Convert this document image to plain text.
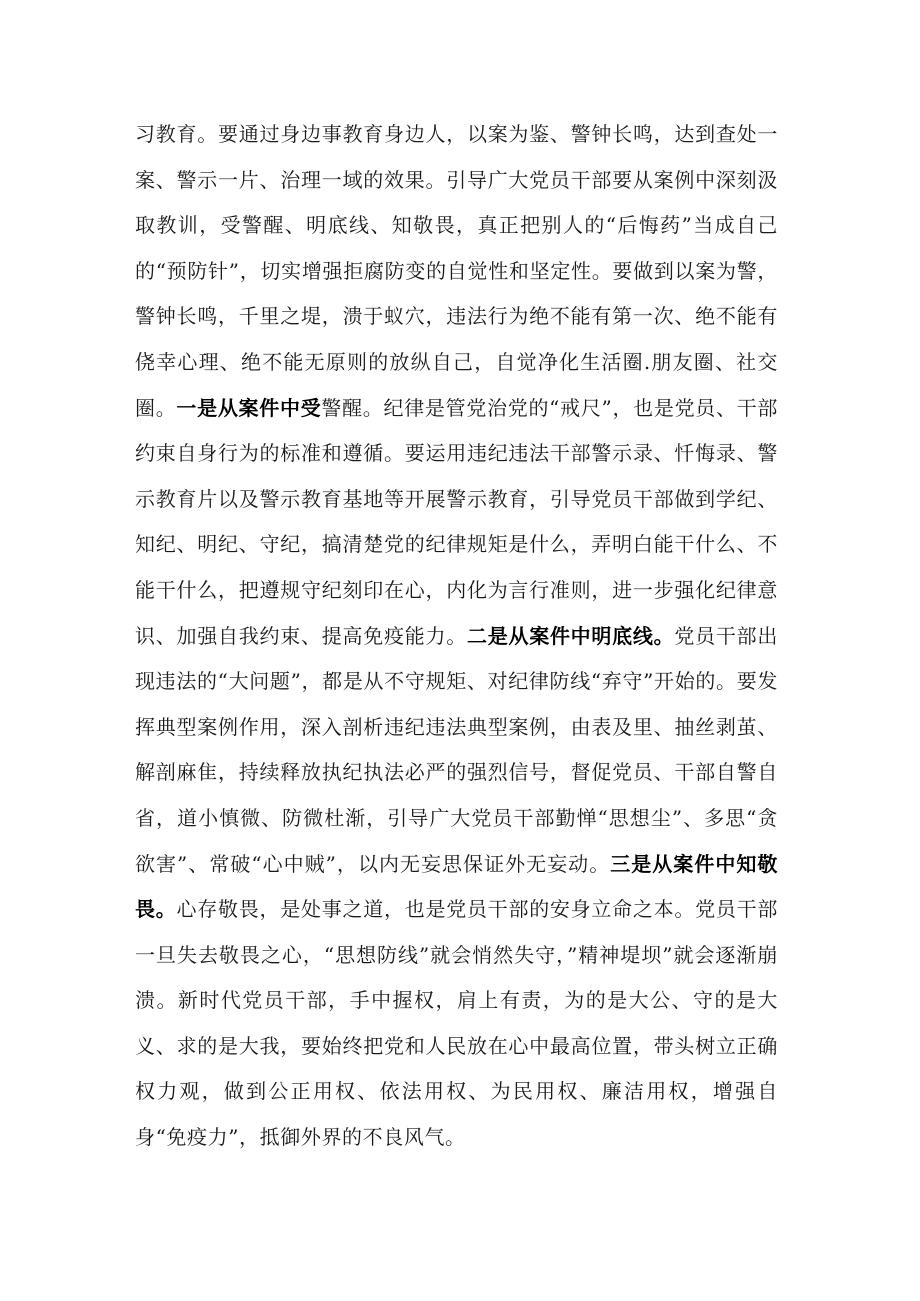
习教育。要通过身边事教育身边人，以案为鉴、警钟长鸣，达到查处一案、警示一片、治理一域的效果。引导广大党员干部要从案例中深刻汲取教训，受警醒、明底线、知敬畏，真正把别人的“后悔药”当成自己的“预防针”，切实增强拒腐防变的自觉性和坚定性。要做到以案为警，警钟长鸣，千里之堤，溃于蚁穴，违法行为绝不能有第一次、绝不能有侥幸心理、绝不能无原则的放纵自己，自觉净化生活圈.朋友圈、社交圈。一是从案件中受警醒。纪律是管党治党的“戒尺”，也是党员、干部约束自身行为的标准和遵循。要运用违纪违法干部警示录、忏悔录、警示教育片以及警示教育基地等开展警示教育，引导党员干部做到学纪、知纪、明纪、守纪，搞清楚党的纪律规矩是什么，弄明白能干什么、不能干什么，把遵规守纪刻印在心，内化为言行准则，进一步强化纪律意识、加强自我约束、提高免疫能力。二是从案件中明底线。党员干部出现违法的“大问题”，都是从不守规矩、对纪律防线“弃守”开始的。要发挥典型案例作用，深入剖析违纪违法典型案例，由表及里、抽丝剥茧、解剖麻隹，持续释放执纪执法必严的强烈信号，督促党员、干部自警自省，道小慎微、防微杜渐，引导广大党员干部勤惮“思想尘”、多思“贪欲害”、常破“心中贼”，以内无妄思保证外无妄动。三是从案件中知敬畏。心存敬畏，是处事之道，也是党员干部的安身立命之本。党员干部一旦失去敬畏之心，“思想防线”就会悄然失守，”精神堤坝”就会逐渐崩溃。新时代党员干部，手中握权，肩上有责，为的是大公、守的是大义、求的是大我，要始终把党和人民放在心中最高位置，带头树立正确权力观，做到公正用权、依法用权、为民用权、廉洁用权，增强自身“免疫力”，抵御外界的不良风气。
